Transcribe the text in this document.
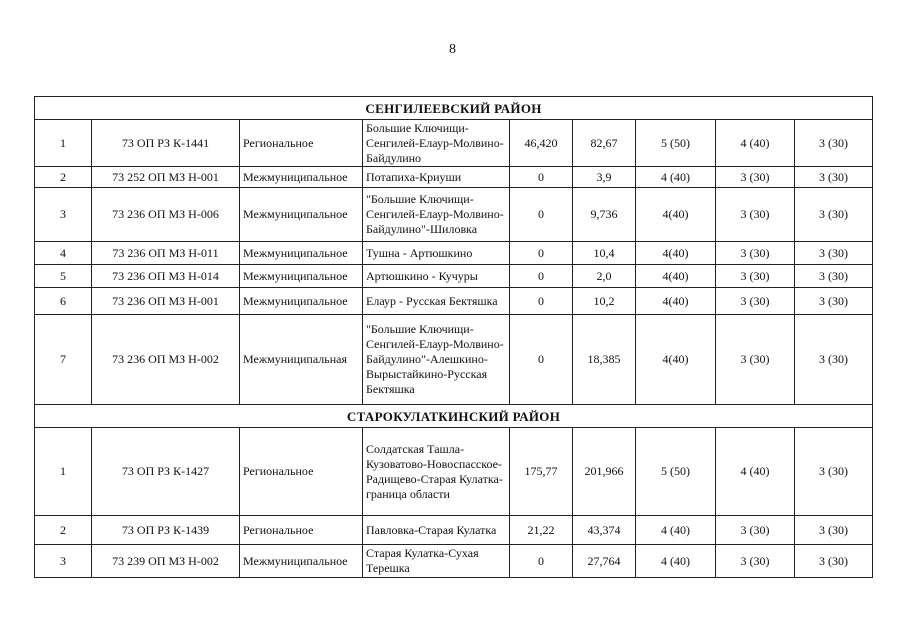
8
СЕНГИЛЕЕВСКИЙ РАЙОН								
1	73 ОП РЗ К-1441	Региональное	Большие Ключищи-Сенгилей-Елаур-Молвино-Байдулино	46,420	82,67	5 (50)	4 (40)	3 (30)
2	73 252 ОП МЗ Н-001	Межмуниципальное	Потапиха-Криуши	0	3,9	4 (40)	3 (30)	3 (30)
3	73 236 ОП МЗ Н-006	Межмуниципальное	"Большие Ключищи-Сенгилей-Елаур-Молвино-Байдулино"-Шиловка	0	9,736	4(40)	3 (30)	3 (30)
4	73 236 ОП МЗ Н-011	Межмуниципальное	Тушна - Артюшкино	0	10,4	4(40)	3 (30)	3 (30)
5	73 236 ОП МЗ Н-014	Межмуниципальное	Артюшкино - Кучуры	0	2,0	4(40)	3 (30)	3 (30)
6	73 236 ОП МЗ Н-001	Межмуниципальное	Елаур - Русская Бектяшка	0	10,2	4(40)	3 (30)	3 (30)
7	73 236 ОП МЗ Н-002	Межмуниципальная	"Большие Ключищи-Сенгилей-Елаур-Молвино-Байдулино"-Алешкино-Вырыстайкино-Русская Бектяшка	0	18,385	4(40)	3 (30)	3 (30)
СТАРОКУЛАТКИНСКИЙ РАЙОН								
1	73 ОП РЗ К-1427	Региональное	Солдатская Ташла-Кузоватово-Новоспасское-Радищево-Старая Кулатка-граница области	175,77	201,966	5 (50)	4 (40)	3 (30)
2	73 ОП РЗ К-1439	Региональное	Павловка-Старая Кулатка	21,22	43,374	4 (40)	3 (30)	3 (30)
3	73 239 ОП МЗ Н-002	Межмуниципальное	Старая Кулатка-Сухая Терешка	0	27,764	4 (40)	3 (30)	3 (30)
